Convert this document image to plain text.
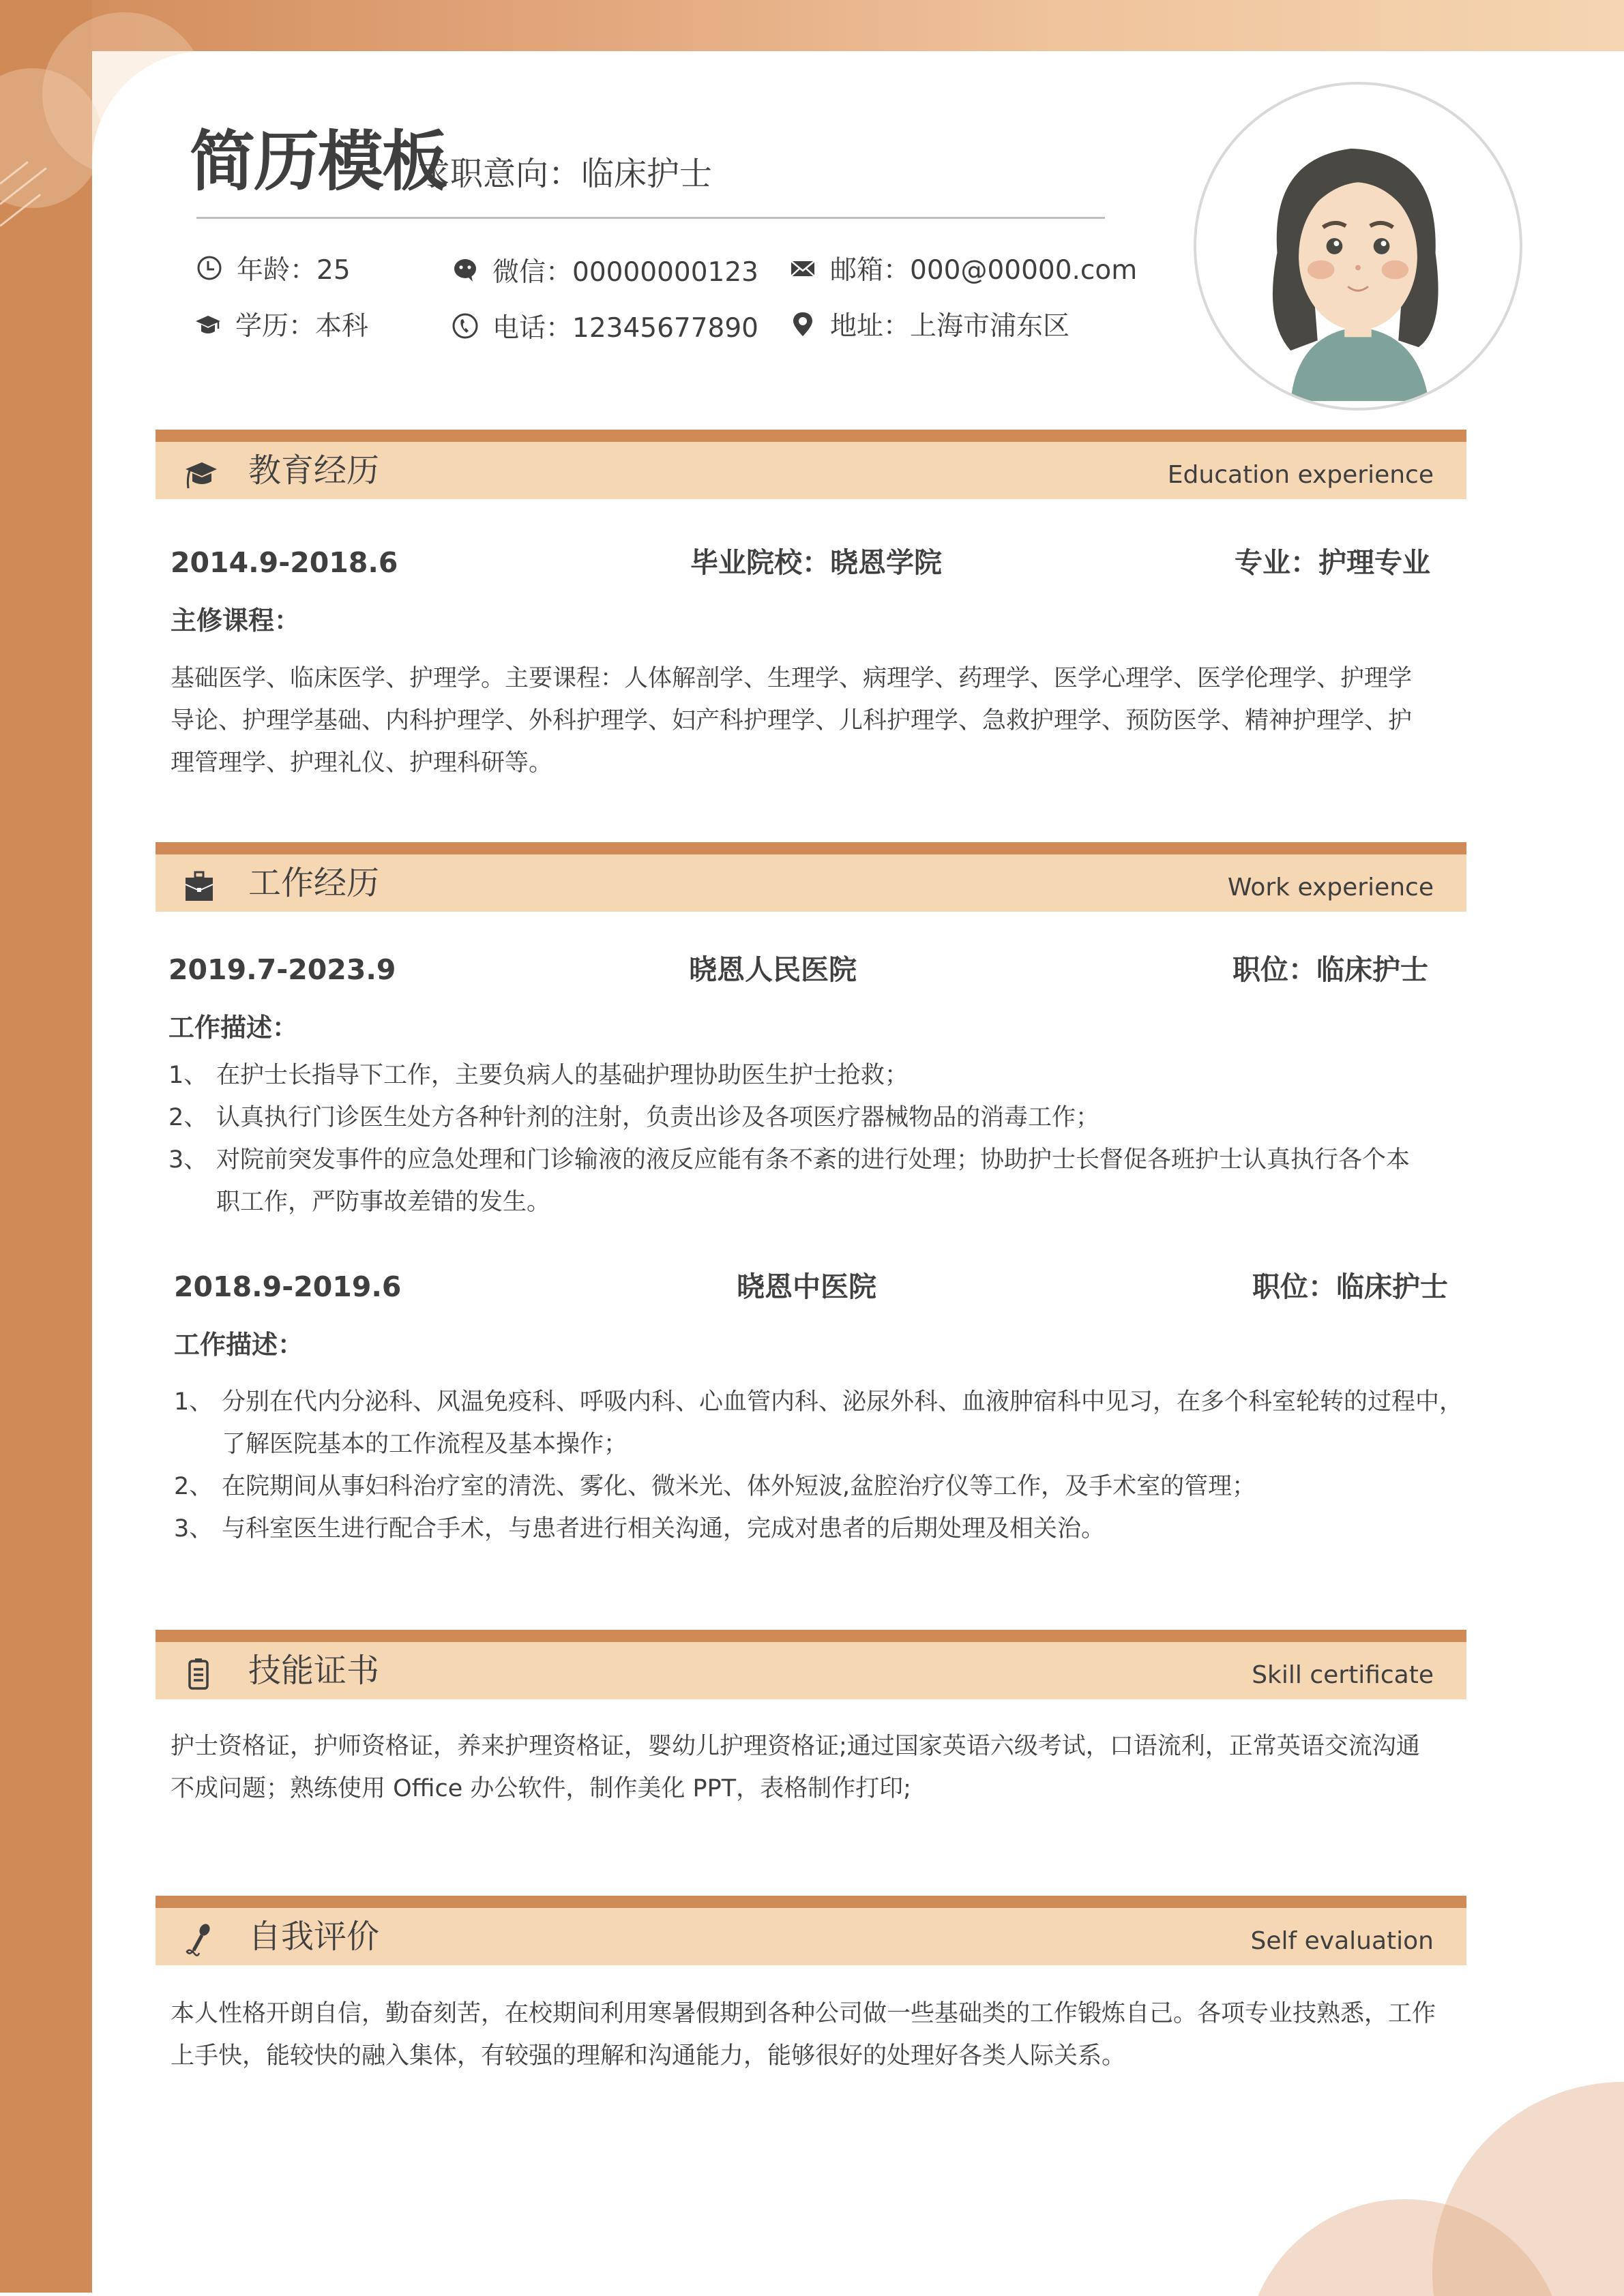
简历模板
求职意向：临床护士
年龄：25	微信：00000000123	邮箱：000@00000.com
学历：本科	电话：12345677890	地址：上海市浦东区
教育经历	Education experience
2014.9-2018.6	毕业院校：晓恩学院	专业：护理专业
主修课程：
基础医学、临床医学、护理学。主要课程：人体解剖学、生理学、病理学、药理学、医学心理学、医学伦理学、护理学
导论、护理学基础、内科护理学、外科护理学、妇产科护理学、儿科护理学、急救护理学、预防医学、精神护理学、护
理管理学、护理礼仪、护理科研等。
工作经历	Work experience
2019.7-2023.9	晓恩人民医院	职位：临床护士
工作描述：
1、 在护士长指导下工作，主要负病人的基础护理协助医生护士抢救；
2、 认真执行门诊医生处方各种针剂的注射，负责出诊及各项医疗器械物品的消毒工作；
3、 对院前突发事件的应急处理和门诊输液的液反应能有条不紊的进行处理；协助护士长督促各班护士认真执行各个本
职工作，严防事故差错的发生。
2018.9-2019.6	晓恩中医院	职位：临床护士
工作描述：
1、 分别在代内分泌科、风温免疫科、呼吸内科、心血管内科、泌尿外科、血液肿宿科中见习，在多个科室轮转的过程中，
了解医院基本的工作流程及基本操作；
2、 在院期间从事妇科治疗室的清洗、雾化、微米光、体外短波,盆腔治疗仪等工作，及手术室的管理；
3、 与科室医生进行配合手术，与患者进行相关沟通，完成对患者的后期处理及相关治。
技能证书	Skill certificate
护士资格证，护师资格证，养来护理资格证，婴幼儿护理资格证;通过国家英语六级考试，口语流利，正常英语交流沟通
不成问题；熟练使用 Office 办公软件，制作美化 PPT，表格制作打印;
自我评价	Self evaluation
本人性格开朗自信，勤奋刻苦，在校期间利用寒暑假期到各种公司做一些基础类的工作锻炼自己。各项专业技熟悉，工作
上手快，能较快的融入集体，有较强的理解和沟通能力，能够很好的处理好各类人际关系。
